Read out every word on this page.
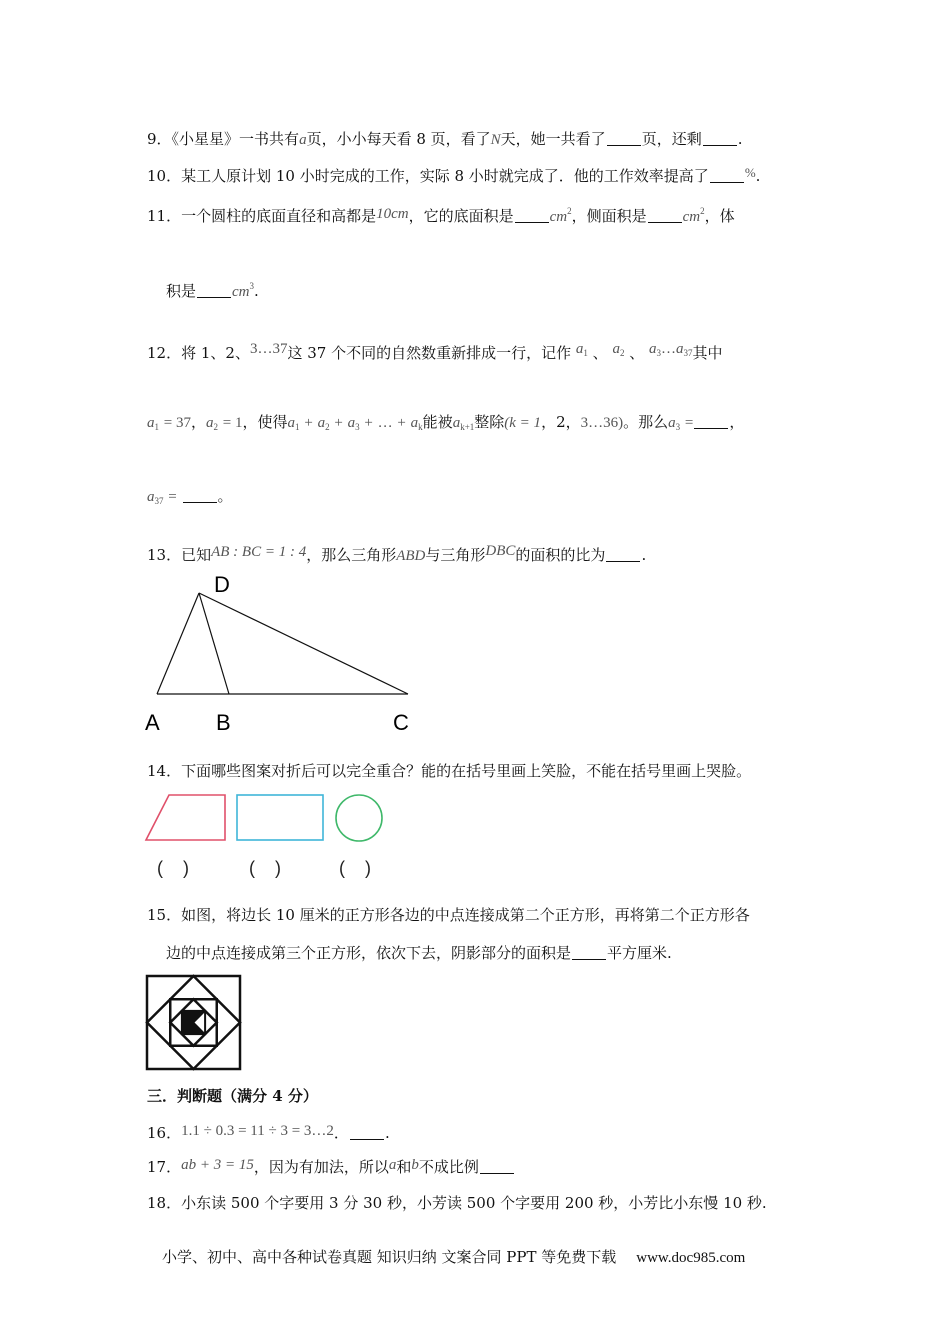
9．《小星星》一书共有a页，小小每天看 8 页，看了N天，她一共看了 页，还剩 .
10．某工人原计划 10 小时完成的工作，实际 8 小时就完成了．他的工作效率提高了	%.
11．一个圆柱的底面直径和高都是10cm，它的底面积是 $cm^2$，侧面积是 $cm^2$，体
积是 $cm^3$.
12．将 1、2、3…37这 37 个不同的自然数重新排成一行，记作 $a^1$ 、 $a^2$ 、 $a^3\dots a^{37}$其中
$a_1 = 37$，$a_2 = 1$，使得$a_1 + a_2 + a_3$ + … + $a_k$能被$a_{k+1}$整除(k = 1，2，3…36)。那么$a_3$ = ，
$a_{37}$ =	。
13．已知AB : BC = 1 : 4，那么三角形ABD与三角形DBC的面积的比为 .
D
A	B	C
14．下面哪些图案对折后可以完全重合？能的在括号里画上笑脸，不能在括号里画上哭脸。
(    )	(    )	(    )
15．如图，将边长 10 厘米的正方形各边的中点连接成第二个正方形，再将第二个正方形各
边的中点连接成第三个正方形，依次下去，阴影部分的面积是 平方厘米.
三．判断题（满分 4 分）
16．1.1 ÷ 0.3 = 11 ÷ 3 = 3…2． .
17．ab + 3 = 15，因为有加法，所以a和b不成比例
18．小东读 500 个字要用 3 分 30 秒，小芳读 500 个字要用 200 秒，小芳比小东慢 10 秒.
小学、初中、高中各种试卷真题 知识归纳 文案合同 PPT 等免费下载 www.doc985.com
